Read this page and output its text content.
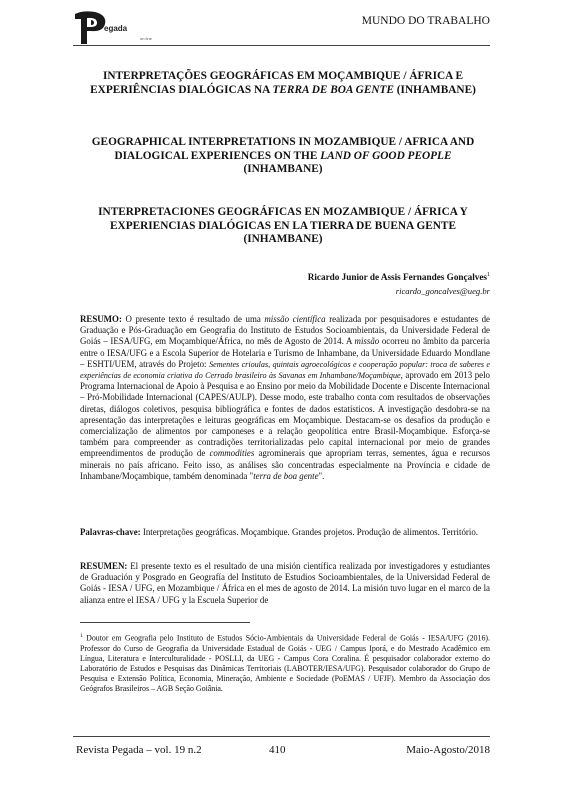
egada
on line
MUNDO DO TRABALHO
INTERPRETAÇÕES GEOGRÁFICAS EM MOÇAMBIQUE / ÁFRICA E EXPERIÊNCIAS DIALÓGICAS NA TERRA DE BOA GENTE (INHAMBANE)
GEOGRAPHICAL INTERPRETATIONS IN MOZAMBIQUE / AFRICA AND DIALOGICAL EXPERIENCES ON THE LAND OF GOOD PEOPLE (INHAMBANE)
INTERPRETACIONES GEOGRÁFICAS EN MOZAMBIQUE / ÁFRICA Y EXPERIENCIAS DIALÓGICAS EN LA TIERRA DE BUENA GENTE (INHAMBANE)
Ricardo Junior de Assis Fernandes Gonçalves$^1$
ricardo_goncalves@ueg.br
RESUMO: O presente texto é resultado de uma missão científica realizada por pesquisadores e estudantes de Graduação e Pós-Graduação em Geografia do Instituto de Estudos Socioambientais, da Universidade Federal de Goiás – IESA/UFG, em Moçambique/África, no mês de Agosto de 2014. A missão ocorreu no âmbito da parceria entre o IESA/UFG e a Escola Superior de Hotelaria e Turismo de Inhambane, da Universidade Eduardo Mondlane – ESHTI/UEM, através do Projeto: Sementes crioulas, quintais agroecológicos e cooperação popular: troca de saberes e experiências de economia criativa do Cerrado brasileiro às Savanas em Inhambane/Moçambique, aprovado em 2013 pelo Programa Internacional de Apoio à Pesquisa e ao Ensino por meio da Mobilidade Docente e Discente Internacional – Pró-Mobilidade Internacional (CAPES/AULP). Desse modo, este trabalho conta com resultados de observações diretas, diálogos coletivos, pesquisa bibliográfica e fontes de dados estatísticos. A investigação desdobra-se na apresentação das interpretações e leituras geográficas em Moçambique. Destacam-se os desafios da produção e comercialização de alimentos por camponeses e a relação geopolítica entre Brasil-Moçambique. Esforça-se também para compreender as contradições territorializadas pelo capital internacional por meio de grandes empreendimentos de produção de commodities agrominerais que apropriam terras, sementes, água e recursos minerais no país africano. Feito isso, as análises são concentradas especialmente na Província e cidade de Inhambane/Moçambique, também denominada "terra de boa gente".
Palavras-chave: Interpretações geográficas. Moçambique. Grandes projetos. Produção de alimentos. Território.
RESUMEN: El presente texto es el resultado de una misión científica realizada por investigadores y estudiantes de Graduación y Posgrado en Geografía del Instituto de Estudios Socioambientales, de la Universidad Federal de Goiás - IESA / UFG, en Mozambique / África en el mes de agosto de 2014. La misión tuvo lugar en el marco de la alianza entre el IESA / UFG y la Escuela Superior de
$^1$ Doutor em Geografia pelo Instituto de Estudos Sócio-Ambientais da Universidade Federal de Goiás - IESA/UFG (2016). Professor do Curso de Geografia da Universidade Estadual de Goiás - UEG / Campus Iporá, e do Mestrado Acadêmico em Língua, Literatura e Interculturalidade - POSLLI, da UEG - Campus Cora Coralina. É pesquisador colaborador externo do Laboratório de Estudos e Pesquisas das Dinâmicas Territoriais (LABOTER/IESA/UFG). Pesquisador colaborador do Grupo de Pesquisa e Extensão Política, Economia, Mineração, Ambiente e Sociedade (PoEMAS / UFJF). Membro da Associação dos Geógrafos Brasileiros – AGB Seção Goiânia.
Revista Pegada – vol. 19 n.2	410	Maio-Agosto/2018
